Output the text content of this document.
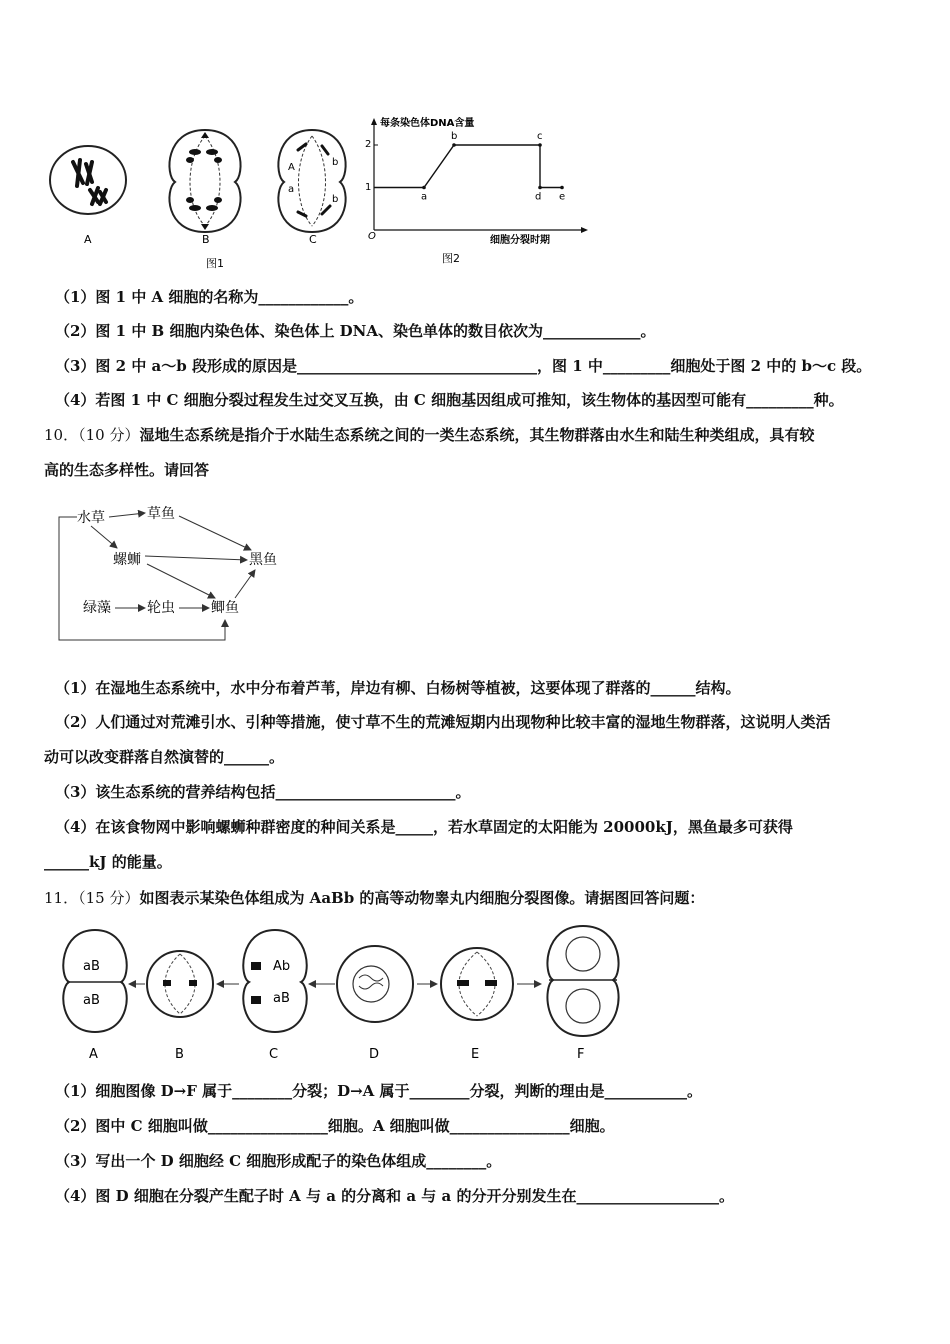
A	B
A
a
b
b
C
图1
每条染色体DNA含量
细胞分裂时期
O
1
2
a
b	c
d e
图2
（1）图 1 中 A 细胞的名称为____________。
（2）图 1 中 B 细胞内染色体、染色体上 DNA、染色单体的数目依次为_____________。
（3）图 2 中 a～b 段形成的原因是________________________________，图 1 中_________细胞处于图 2 中的 b～c 段。
（4）若图 1 中 C 细胞分裂过程发生过交叉互换，由 C 细胞基因组成可推知，该生物体的基因型可能有_________种。
10．（10 分）湿地生态系统是指介于水陆生态系统之间的一类生态系统，其生物群落由水生和陆生种类组成，具有较
高的生态多样性。请回答
水草	草鱼
螺蛳	黑鱼
绿藻	轮虫	鲫鱼
（1）在湿地生态系统中，水中分布着芦苇，岸边有柳、白杨树等植被，这要体现了群落的______结构。
（2）人们通过对荒滩引水、引种等措施，使寸草不生的荒滩短期内出现物种比较丰富的湿地生物群落，这说明人类活
动可以改变群落自然演替的______。
（3）该生态系统的营养结构包括________________________。
（4）在该食物网中影响螺蛳种群密度的种间关系是_____，若水草固定的太阳能为 20000kJ，黑鱼最多可获得
______kJ 的能量。
11．（15 分）如图表示某染色体组成为 AaBb 的高等动物睾丸内细胞分裂图像。请据图回答问题：
aB
aB
A	B
Ab
aB
C	D	E	F
（1）细胞图像 D→F 属于________分裂；D→A 属于________分裂，判断的理由是___________。
（2）图中 C 细胞叫做________________细胞。A 细胞叫做________________细胞。
（3）写出一个 D 细胞经 C 细胞形成配子的染色体组成________。
（4）图 D 细胞在分裂产生配子时 A 与 a 的分离和 a 与 a 的分开分别发生在___________________。
